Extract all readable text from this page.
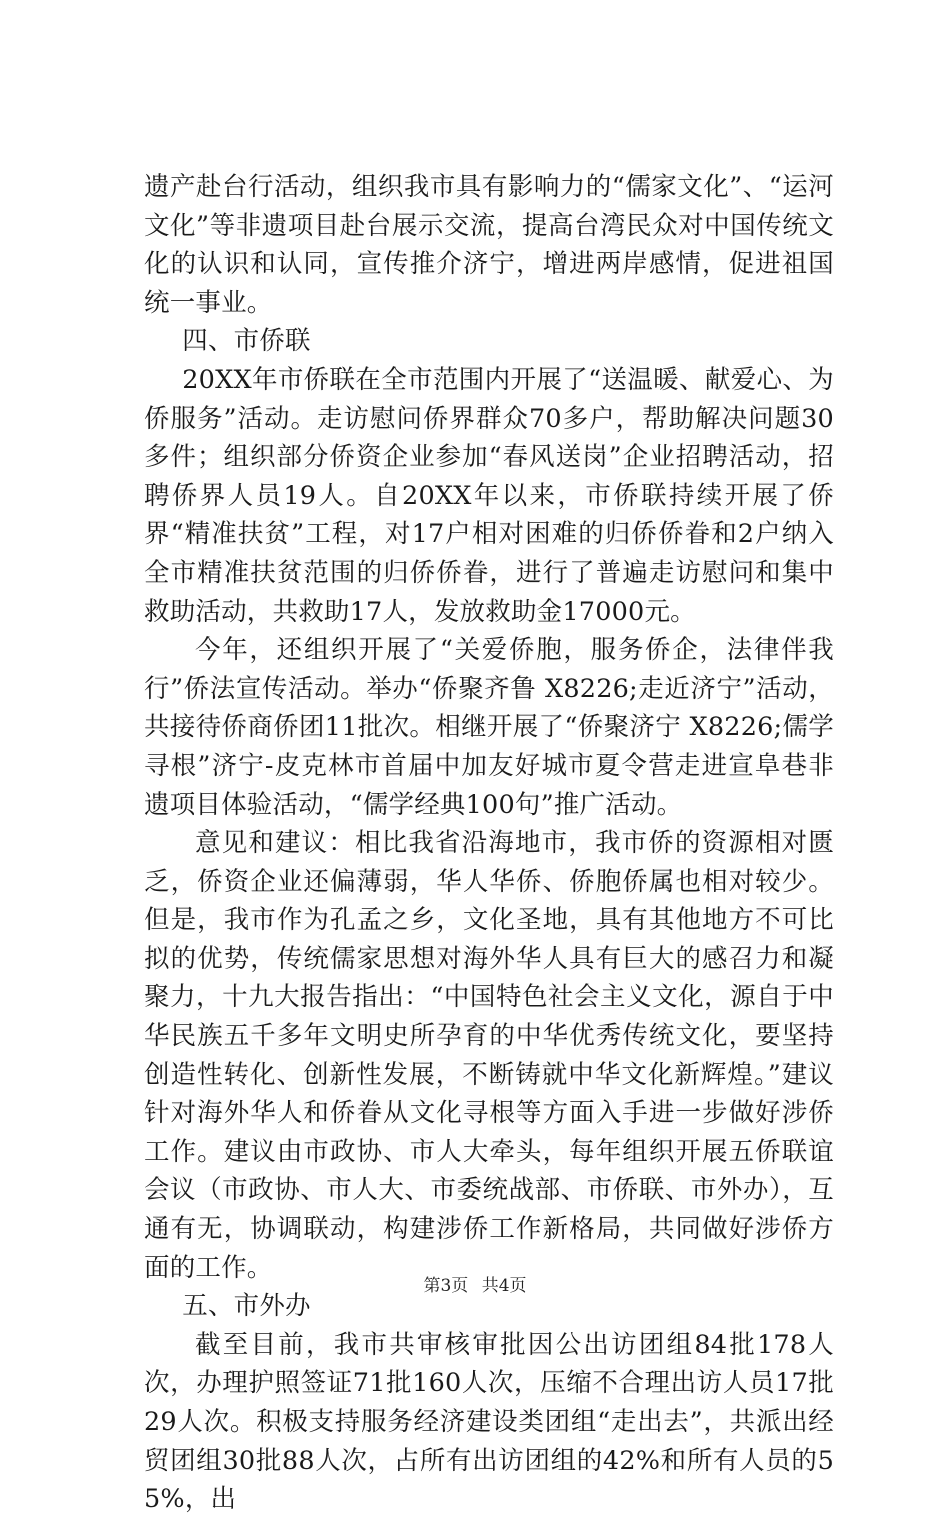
遗产赴台行活动，组织我市具有影响力的“儒家文化”、“运河文化”等非遗项目赴台展示交流，提高台湾民众对中国传统文化的认识和认同，宣传推介济宁，增进两岸感情，促进祖国统一事业。

四、市侨联

20XX年市侨联在全市范围内开展了“送温暖、献爱心、为侨服务”活动。走访慰问侨界群众70多户，帮助解决问题30多件；组织部分侨资企业参加“春风送岗”企业招聘活动，招聘侨界人员19人。自20XX年以来，市侨联持续开展了侨界“精准扶贫”工程，对17户相对困难的归侨侨眷和2户纳入全市精准扶贫范围的归侨侨眷，进行了普遍走访慰问和集中救助活动，共救助17人，发放救助金17000元。

今年，还组织开展了“关爱侨胞，服务侨企，法律伴我行”侨法宣传活动。举办“侨聚齐鲁 X8226;走近济宁”活动，共接待侨商侨团11批次。相继开展了“侨聚济宁 X8226;儒学寻根”济宁-皮克林市首届中加友好城市夏令营走进宣阜巷非遗项目体验活动，“儒学经典100句”推广活动。

意见和建议：相比我省沿海地市，我市侨的资源相对匮乏，侨资企业还偏薄弱，华人华侨、侨胞侨属也相对较少。但是，我市作为孔孟之乡，文化圣地，具有其他地方不可比拟的优势，传统儒家思想对海外华人具有巨大的感召力和凝聚力，十九大报告指出：“中国特色社会主义文化，源自于中华民族五千多年文明史所孕育的中华优秀传统文化，要坚持创造性转化、创新性发展，不断铸就中华文化新辉煌。”建议针对海外华人和侨眷从文化寻根等方面入手进一步做好涉侨工作。建议由市政协、市人大牵头，每年组织开展五侨联谊会议（市政协、市人大、市委统战部、市侨联、市外办），互通有无，协调联动，构建涉侨工作新格局，共同做好涉侨方面的工作。

五、市外办

截至目前，我市共审核审批因公出访团组84批178人次，办理护照签证71批160人次，压缩不合理出访人员17批29人次。积极支持服务经济建设类团组“走出去”，共派出经贸团组30批88人次，占所有出访团组的42%和所有人员的55%，出

第3页 共4页
